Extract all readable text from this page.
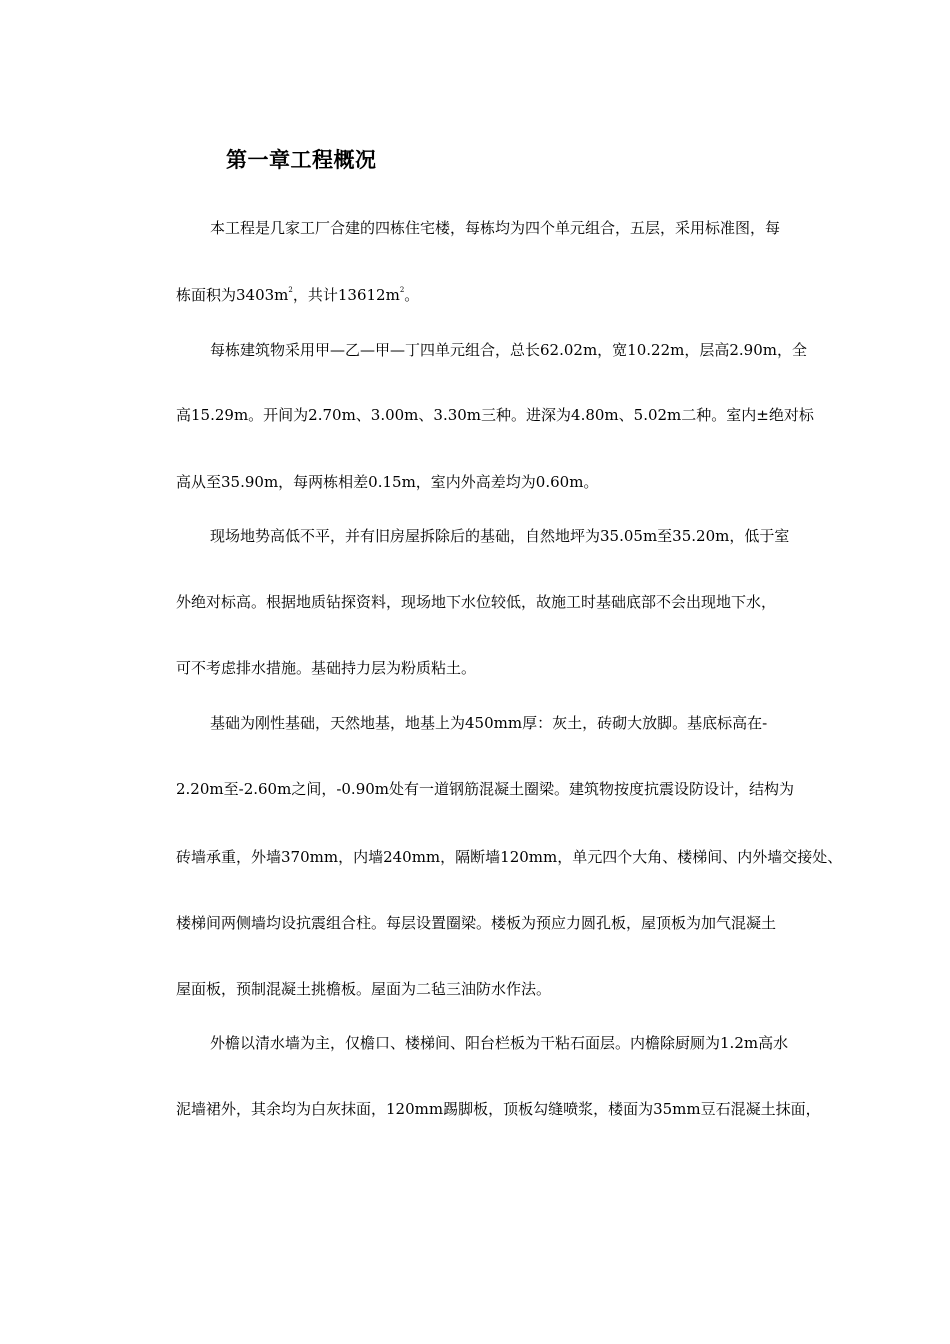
第一章工程概况
本工程是几家工厂合建的四栋住宅楼，每栋均为四个单元组合，五层，采用标准图，每
栋面积为$3403m^2$，共计$13612m^2$。
每栋建筑物采用甲—乙—甲—丁四单元组合，总长62.02m，宽10.22m，层高2.90m，全
高15.29m。开间为2.70m、3.00m、3.30m三种。进深为4.80m、5.02m二种。室内±绝对标
高从至35.90m，每两栋相差0.15m，室内外高差均为0.60m。
现场地势高低不平，并有旧房屋拆除后的基础，自然地坪为35.05m至35.20m，低于室
外绝对标高。根据地质钻探资料，现场地下水位较低，故施工时基础底部不会出现地下水，
可不考虑排水措施。基础持力层为粉质粘土。
基础为刚性基础，天然地基，地基上为450mm厚：灰土，砖砌大放脚。基底标高在-
2.20m至-2.60m之间，-0.90m处有一道钢筋混凝土圈梁。建筑物按度抗震设防设计，结构为
砖墙承重，外墙370mm，内墙240mm，隔断墙120mm，单元四个大角、楼梯间、内外墙交接处、
楼梯间两侧墙均设抗震组合柱。每层设置圈梁。楼板为预应力圆孔板，屋顶板为加气混凝土
屋面板，预制混凝土挑檐板。屋面为二毡三油防水作法。
外檐以清水墙为主，仅檐口、楼梯间、阳台栏板为干粘石面层。内檐除厨厕为1.2m高水
泥墙裙外，其余均为白灰抹面，120mm踢脚板，顶板勾缝喷浆，楼面为35mm豆石混凝土抹面，
